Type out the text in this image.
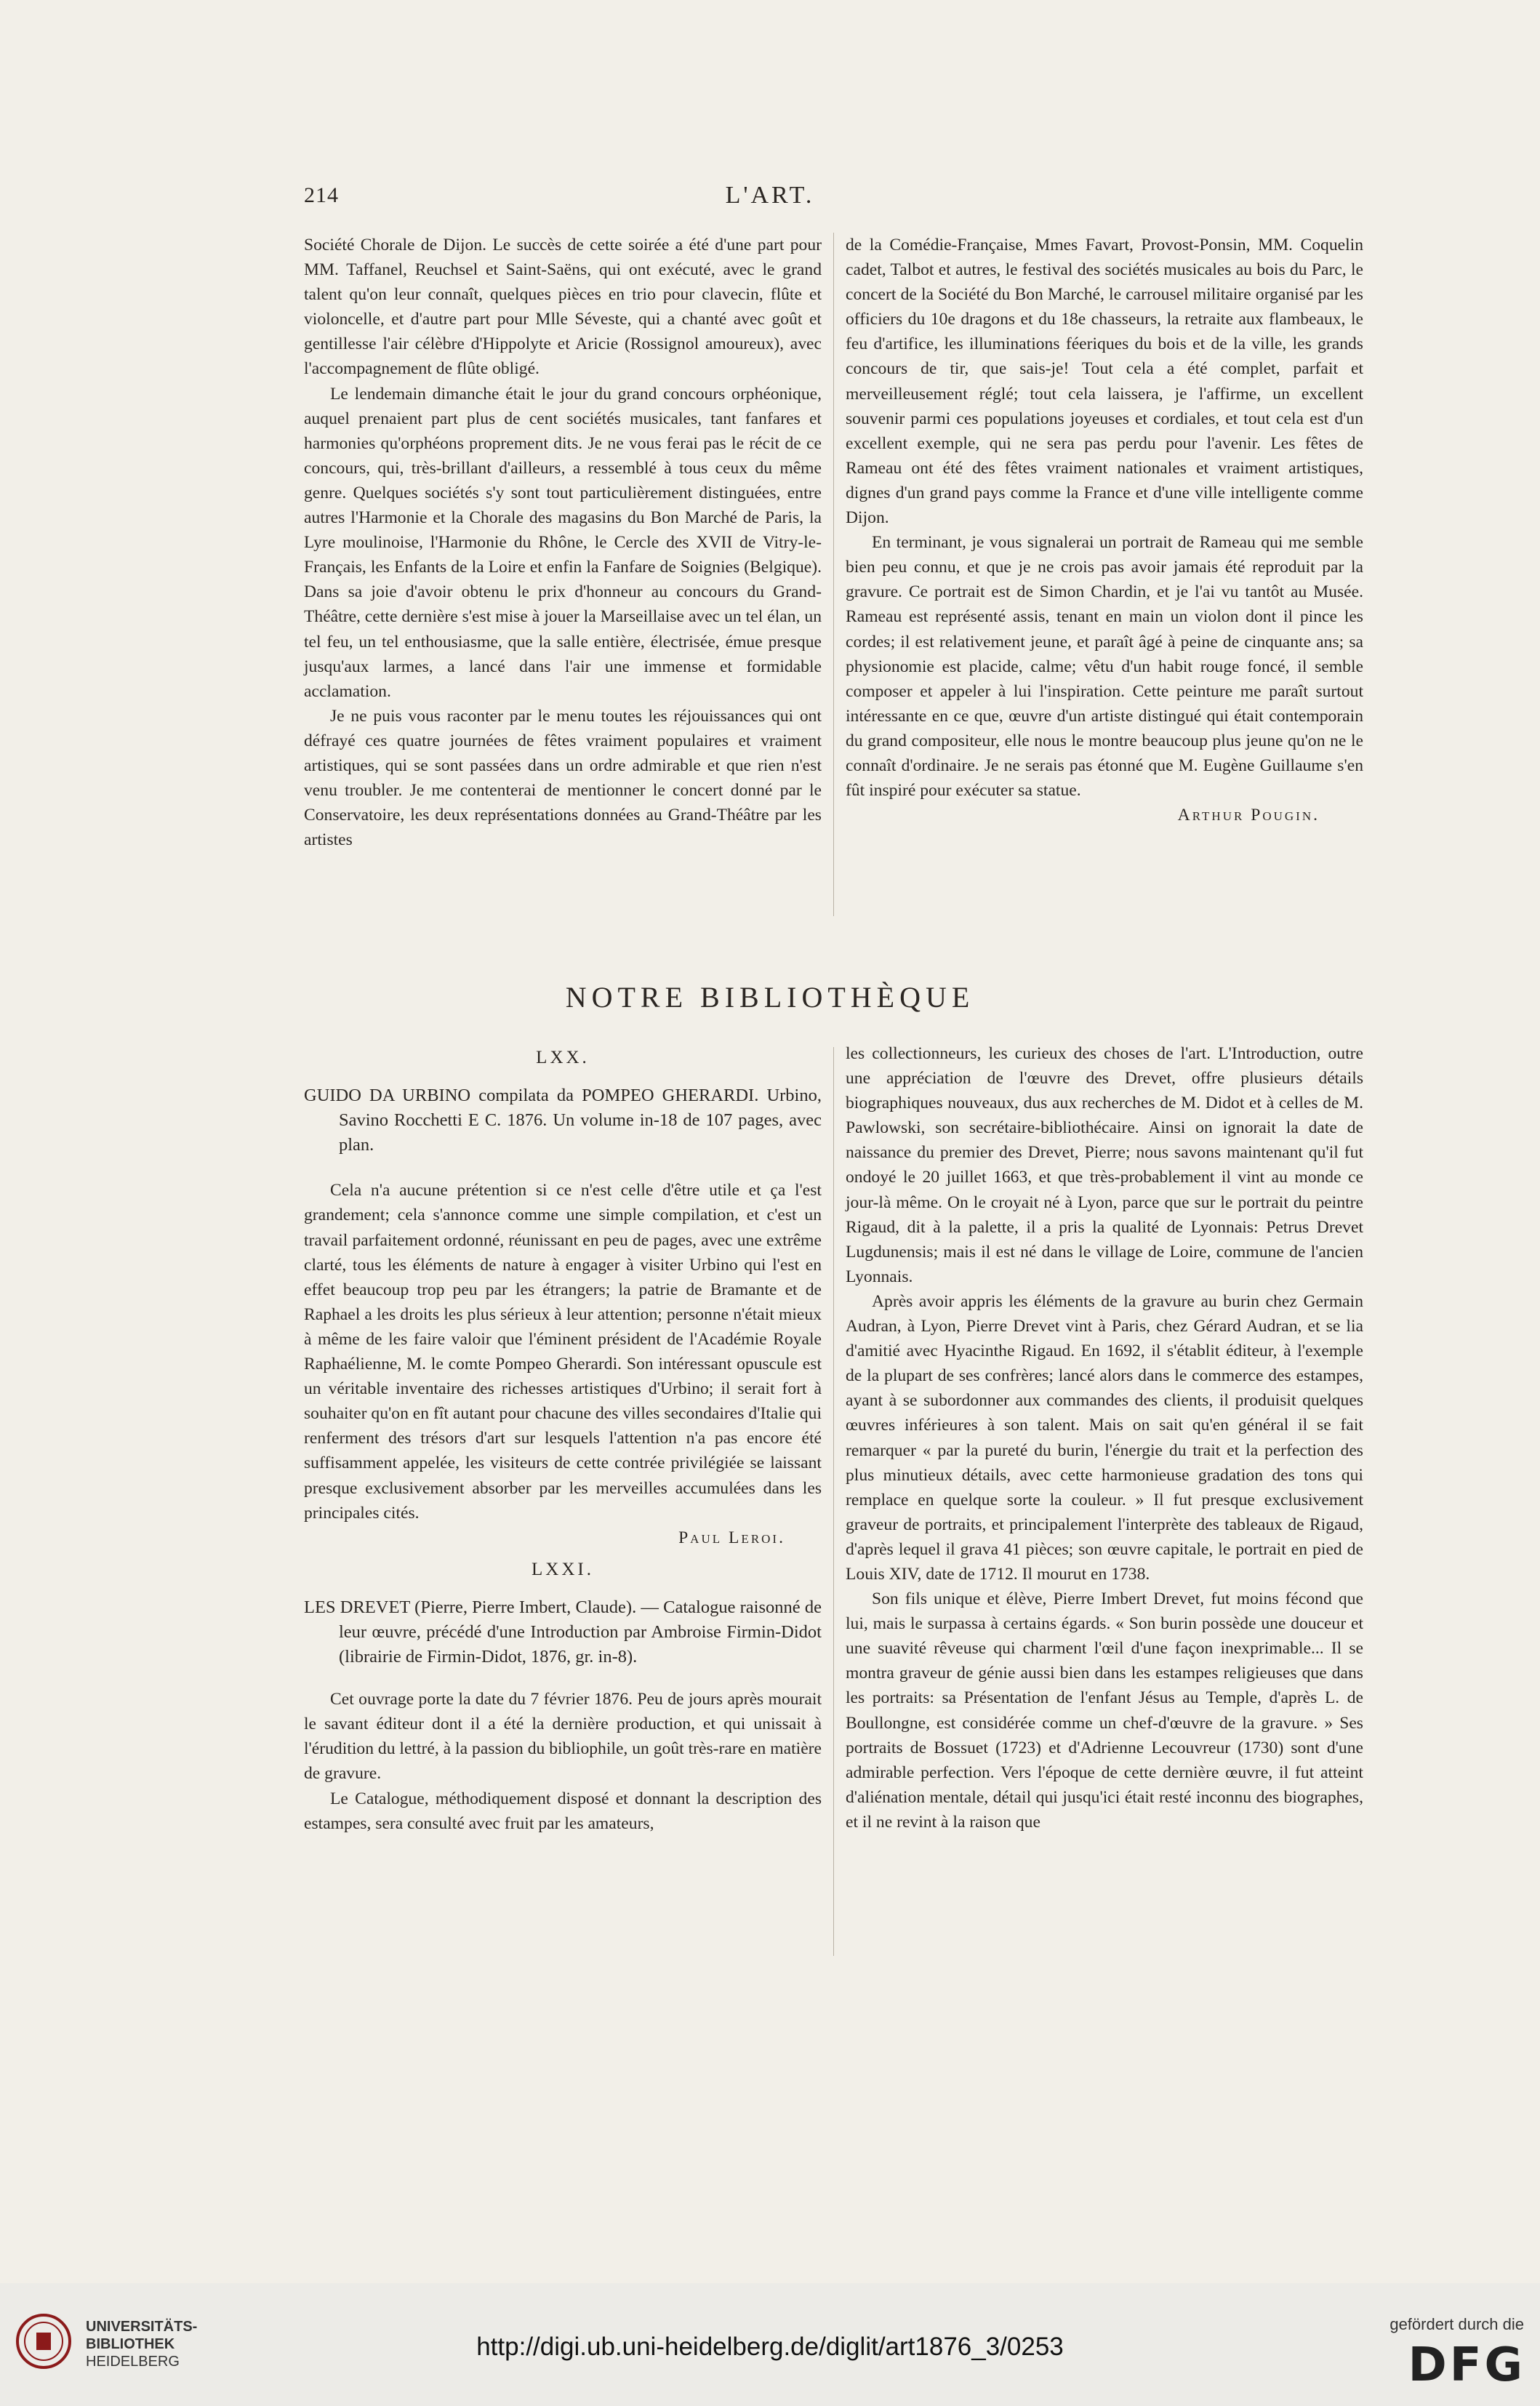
214	L'ART.

Société Chorale de Dijon. Le succès de cette soirée a été d'une part pour MM. Taffanel, Reuchsel et Saint-Saëns, qui ont exécuté, avec le grand talent qu'on leur connaît, quelques pièces en trio pour clavecin, flûte et violoncelle, et d'autre part pour Mlle Séveste, qui a chanté avec goût et gentillesse l'air célèbre d'Hippolyte et Aricie (Rossignol amoureux), avec l'accompagnement de flûte obligé.

Le lendemain dimanche était le jour du grand concours orphéonique, auquel prenaient part plus de cent sociétés musicales, tant fanfares et harmonies qu'orphéons proprement dits. Je ne vous ferai pas le récit de ce concours, qui, très-brillant d'ailleurs, a ressemblé à tous ceux du même genre. Quelques sociétés s'y sont tout particulièrement distinguées, entre autres l'Harmonie et la Chorale des magasins du Bon Marché de Paris, la Lyre moulinoise, l'Harmonie du Rhône, le Cercle des XVII de Vitry-le-Français, les Enfants de la Loire et enfin la Fanfare de Soignies (Belgique). Dans sa joie d'avoir obtenu le prix d'honneur au concours du Grand-Théâtre, cette dernière s'est mise à jouer la Marseillaise avec un tel élan, un tel feu, un tel enthousiasme, que la salle entière, électrisée, émue presque jusqu'aux larmes, a lancé dans l'air une immense et formidable acclamation.

Je ne puis vous raconter par le menu toutes les réjouissances qui ont défrayé ces quatre journées de fêtes vraiment populaires et vraiment artistiques, qui se sont passées dans un ordre admirable et que rien n'est venu troubler. Je me contenterai de mentionner le concert donné par le Conservatoire, les deux représentations données au Grand-Théâtre par les artistes

de la Comédie-Française, Mmes Favart, Provost-Ponsin, MM. Coquelin cadet, Talbot et autres, le festival des sociétés musicales au bois du Parc, le concert de la Société du Bon Marché, le carrousel militaire organisé par les officiers du 10e dragons et du 18e chasseurs, la retraite aux flambeaux, le feu d'artifice, les illuminations féeriques du bois et de la ville, les grands concours de tir, que sais-je! Tout cela a été complet, parfait et merveilleusement réglé; tout cela laissera, je l'affirme, un excellent souvenir parmi ces populations joyeuses et cordiales, et tout cela est d'un excellent exemple, qui ne sera pas perdu pour l'avenir. Les fêtes de Rameau ont été des fêtes vraiment nationales et vraiment artistiques, dignes d'un grand pays comme la France et d'une ville intelligente comme Dijon.

En terminant, je vous signalerai un portrait de Rameau qui me semble bien peu connu, et que je ne crois pas avoir jamais été reproduit par la gravure. Ce portrait est de Simon Chardin, et je l'ai vu tantôt au Musée. Rameau est représenté assis, tenant en main un violon dont il pince les cordes; il est relativement jeune, et paraît âgé à peine de cinquante ans; sa physionomie est placide, calme; vêtu d'un habit rouge foncé, il semble composer et appeler à lui l'inspiration. Cette peinture me paraît surtout intéressante en ce que, œuvre d'un artiste distingué qui était contemporain du grand compositeur, elle nous le montre beaucoup plus jeune qu'on ne le connaît d'ordinaire. Je ne serais pas étonné que M. Eugène Guillaume s'en fût inspiré pour exécuter sa statue.

Arthur Pougin.

NOTRE BIBLIOTHÈQUE
LXX.

GUIDO DA URBINO compilata da POMPEO GHERARDI. Urbino, Savino Rocchetti E C. 1876. Un volume in-18 de 107 pages, avec plan.

Cela n'a aucune prétention si ce n'est celle d'être utile et ça l'est grandement; cela s'annonce comme une simple compilation, et c'est un travail parfaitement ordonné, réunissant en peu de pages, avec une extrême clarté, tous les éléments de nature à engager à visiter Urbino qui l'est en effet beaucoup trop peu par les étrangers; la patrie de Bramante et de Raphael a les droits les plus sérieux à leur attention; personne n'était mieux à même de les faire valoir que l'éminent président de l'Académie Royale Raphaélienne, M. le comte Pompeo Gherardi. Son intéressant opuscule est un véritable inventaire des richesses artistiques d'Urbino; il serait fort à souhaiter qu'on en fît autant pour chacune des villes secondaires d'Italie qui renferment des trésors d'art sur lesquels l'attention n'a pas encore été suffisamment appelée, les visiteurs de cette contrée privilégiée se laissant presque exclusivement absorber par les merveilles accumulées dans les principales cités.

Paul Leroi.

LXXI.

LES DREVET (Pierre, Pierre Imbert, Claude). — Catalogue raisonné de leur œuvre, précédé d'une Introduction par Ambroise Firmin-Didot (librairie de Firmin-Didot, 1876, gr. in-8).

Cet ouvrage porte la date du 7 février 1876. Peu de jours après mourait le savant éditeur dont il a été la dernière production, et qui unissait à l'érudition du lettré, à la passion du bibliophile, un goût très-rare en matière de gravure.

Le Catalogue, méthodiquement disposé et donnant la description des estampes, sera consulté avec fruit par les amateurs,

les collectionneurs, les curieux des choses de l'art. L'Introduction, outre une appréciation de l'œuvre des Drevet, offre plusieurs détails biographiques nouveaux, dus aux recherches de M. Didot et à celles de M. Pawlowski, son secrétaire-bibliothécaire. Ainsi on ignorait la date de naissance du premier des Drevet, Pierre; nous savons maintenant qu'il fut ondoyé le 20 juillet 1663, et que très-probablement il vint au monde ce jour-là même. On le croyait né à Lyon, parce que sur le portrait du peintre Rigaud, dit à la palette, il a pris la qualité de Lyonnais: Petrus Drevet Lugdunensis; mais il est né dans le village de Loire, commune de l'ancien Lyonnais.

Après avoir appris les éléments de la gravure au burin chez Germain Audran, à Lyon, Pierre Drevet vint à Paris, chez Gérard Audran, et se lia d'amitié avec Hyacinthe Rigaud. En 1692, il s'établit éditeur, à l'exemple de la plupart de ses confrères; lancé alors dans le commerce des estampes, ayant à se subordonner aux commandes des clients, il produisit quelques œuvres inférieures à son talent. Mais on sait qu'en général il se fait remarquer « par la pureté du burin, l'énergie du trait et la perfection des plus minutieux détails, avec cette harmonieuse gradation des tons qui remplace en quelque sorte la couleur. » Il fut presque exclusivement graveur de portraits, et principalement l'interprète des tableaux de Rigaud, d'après lequel il grava 41 pièces; son œuvre capitale, le portrait en pied de Louis XIV, date de 1712. Il mourut en 1738.

Son fils unique et élève, Pierre Imbert Drevet, fut moins fécond que lui, mais le surpassa à certains égards. « Son burin possède une douceur et une suavité rêveuse qui charment l'œil d'une façon inexprimable... Il se montra graveur de génie aussi bien dans les estampes religieuses que dans les portraits: sa Présentation de l'enfant Jésus au Temple, d'après L. de Boullongne, est considérée comme un chef-d'œuvre de la gravure. » Ses portraits de Bossuet (1723) et d'Adrienne Lecouvreur (1730) sont d'une admirable perfection. Vers l'époque de cette dernière œuvre, il fut atteint d'aliénation mentale, détail qui jusqu'ici était resté inconnu des biographes, et il ne revint à la raison que

UNIVERSITÄTS-
BIBLIOTHEK
HEIDELBERG
http://digi.ub.uni-heidelberg.de/diglit/art1876_3/0253
gefördert durch die
DFG
